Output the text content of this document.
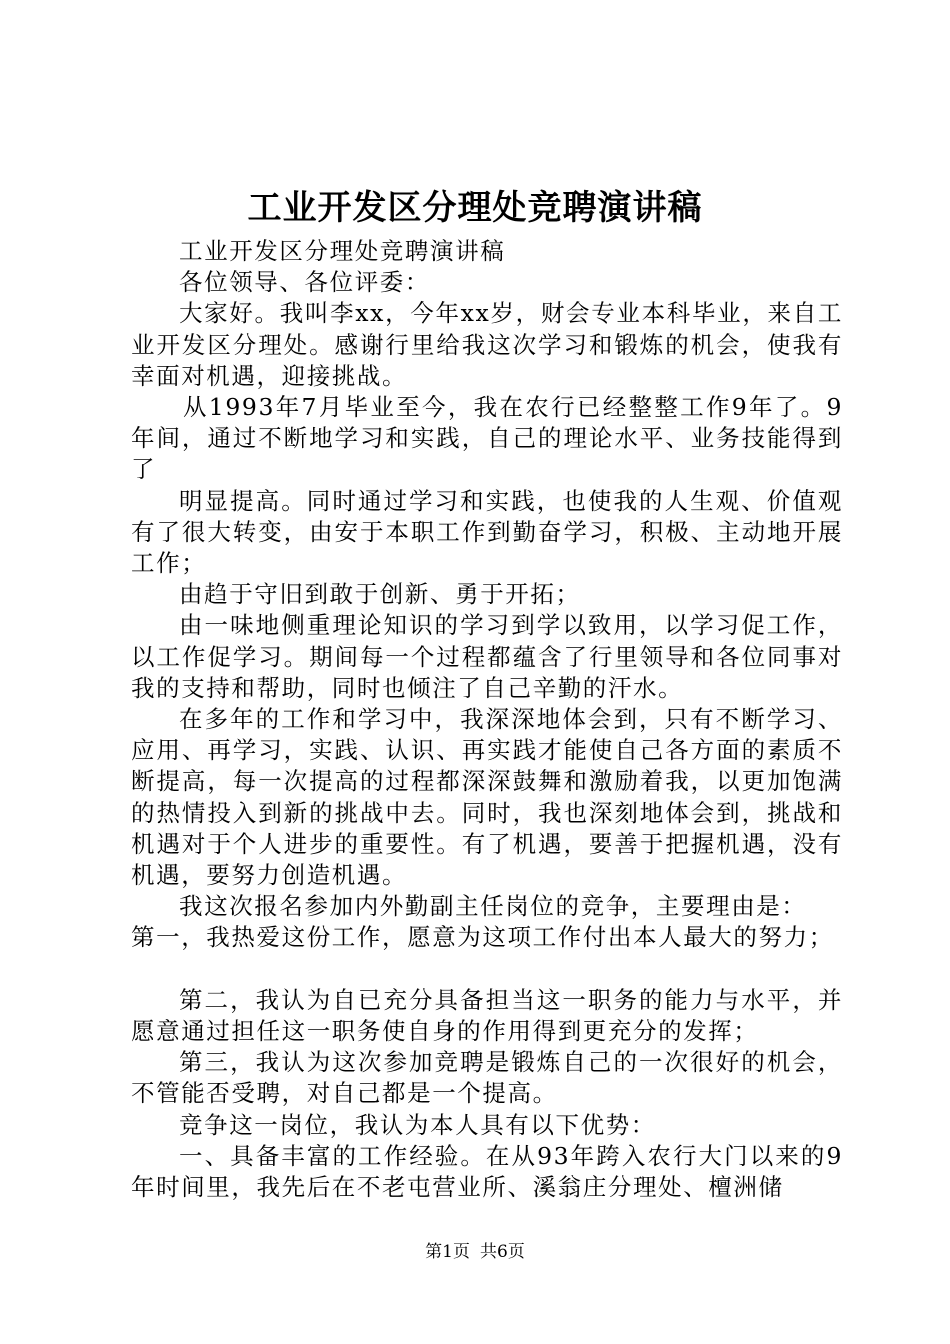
工业开发区分理处竞聘演讲稿

工业开发区分理处竞聘演讲稿

各位领导、各位评委：

大家好。我叫李xx，今年xx岁，财会专业本科毕业，来自工业开发区分理处。感谢行里给我这次学习和锻炼的机会，使我有幸面对机遇，迎接挑战。

从1993年7月毕业至今，我在农行已经整整工作9年了。9年间，通过不断地学习和实践，自己的理论水平、业务技能得到了

明显提高。同时通过学习和实践，也使我的人生观、价值观有了很大转变，由安于本职工作到勤奋学习，积极、主动地开展工作；

由趋于守旧到敢于创新、勇于开拓；

由一味地侧重理论知识的学习到学以致用，以学习促工作，以工作促学习。期间每一个过程都蕴含了行里领导和各位同事对我的支持和帮助，同时也倾注了自己辛勤的汗水。

在多年的工作和学习中，我深深地体会到，只有不断学习、应用、再学习，实践、认识、再实践才能使自己各方面的素质不断提高，每一次提高的过程都深深鼓舞和激励着我，以更加饱满的热情投入到新的挑战中去。同时，我也深刻地体会到，挑战和机遇对于个人进步的重要性。有了机遇，要善于把握机遇，没有机遇，要努力创造机遇。

我这次报名参加内外勤副主任岗位的竞争，主要理由是：

第一，我热爱这份工作，愿意为这项工作付出本人最大的努力；

第二，我认为自已充分具备担当这一职务的能力与水平，并愿意通过担任这一职务使自身的作用得到更充分的发挥；

第三，我认为这次参加竞聘是锻炼自己的一次很好的机会，不管能否受聘，对自己都是一个提高。

竞争这一岗位，我认为本人具有以下优势：

一、具备丰富的工作经验。在从93年跨入农行大门以来的9年时间里，我先后在不老屯营业所、溪翁庄分理处、檀洲储

第1页 共6页
